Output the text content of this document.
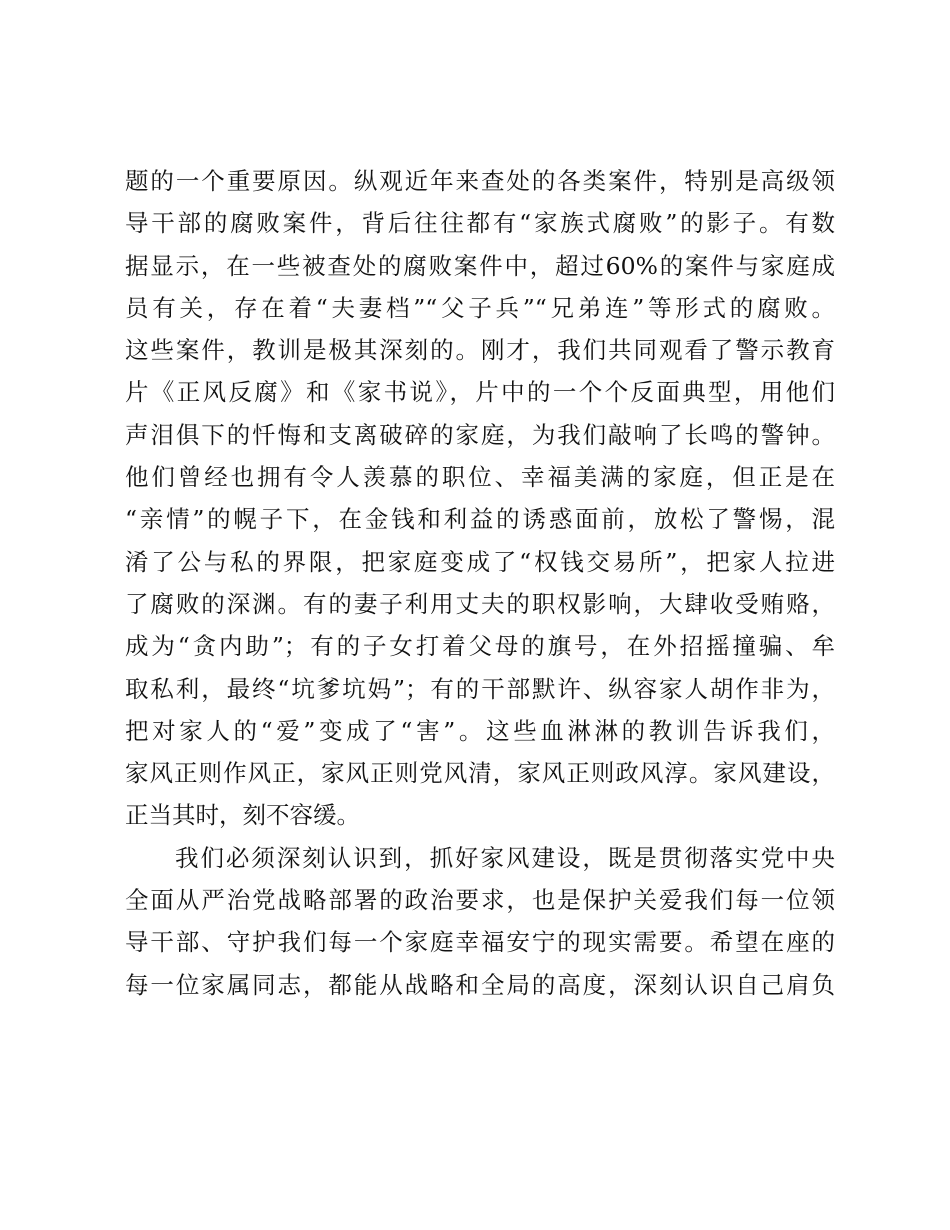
题的一个重要原因。纵观近年来查处的各类案件，特别是高级领
导干部的腐败案件，背后往往都有“家族式腐败”的影子。有数
据显示，在一些被查处的腐败案件中，超过60%的案件与家庭成
员有关，存在着“夫妻档”“父子兵”“兄弟连”等形式的腐败。
这些案件，教训是极其深刻的。刚才，我们共同观看了警示教育
片《正风反腐》和《家书说》，片中的一个个反面典型，用他们
声泪俱下的忏悔和支离破碎的家庭，为我们敲响了长鸣的警钟。
他们曾经也拥有令人羡慕的职位、幸福美满的家庭，但正是在
“亲情”的幌子下，在金钱和利益的诱惑面前，放松了警惕，混
淆了公与私的界限，把家庭变成了“权钱交易所”，把家人拉进
了腐败的深渊。有的妻子利用丈夫的职权影响，大肆收受贿赂，
成为“贪内助”；有的子女打着父母的旗号，在外招摇撞骗、牟
取私利，最终“坑爹坑妈”；有的干部默许、纵容家人胡作非为，
把对家人的“爱”变成了“害”。这些血淋淋的教训告诉我们，
家风正则作风正，家风正则党风清，家风正则政风淳。家风建设，
正当其时，刻不容缓。
我们必须深刻认识到，抓好家风建设，既是贯彻落实党中央
全面从严治党战略部署的政治要求，也是保护关爱我们每一位领
导干部、守护我们每一个家庭幸福安宁的现实需要。希望在座的
每一位家属同志，都能从战略和全局的高度，深刻认识自己肩负
